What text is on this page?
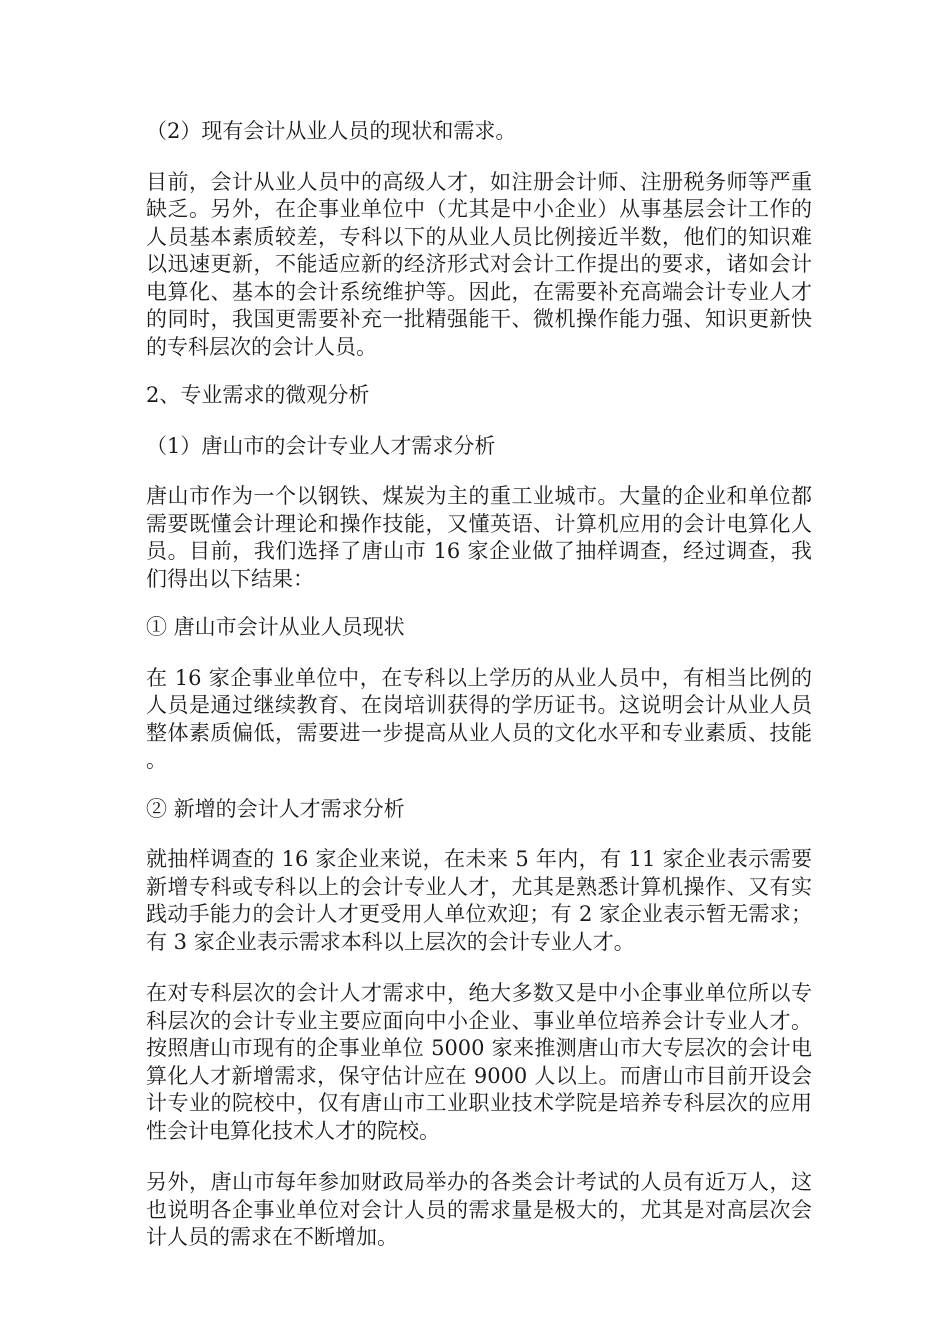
（2）现有会计从业人员的现状和需求。
目前，会计从业人员中的高级人才，如注册会计师、注册税务师等严重缺乏。另外，在企事业单位中（尤其是中小企业）从事基层会计工作的人员基本素质较差，专科以下的从业人员比例接近半数，他们的知识难以迅速更新，不能适应新的经济形式对会计工作提出的要求，诸如会计电算化、基本的会计系统维护等。因此，在需要补充高端会计专业人才的同时，我国更需要补充一批精强能干、微机操作能力强、知识更新快的专科层次的会计人员。
2、专业需求的微观分析
（1）唐山市的会计专业人才需求分析
唐山市作为一个以钢铁、煤炭为主的重工业城市。大量的企业和单位都需要既懂会计理论和操作技能，又懂英语、计算机应用的会计电算化人员。目前，我们选择了唐山市 16 家企业做了抽样调查，经过调查，我们得出以下结果：
① 唐山市会计从业人员现状
在 16 家企事业单位中，在专科以上学历的从业人员中，有相当比例的人员是通过继续教育、在岗培训获得的学历证书。这说明会计从业人员整体素质偏低，需要进一步提高从业人员的文化水平和专业素质、技能。
② 新增的会计人才需求分析
就抽样调查的 16 家企业来说，在未来 5 年内，有 11 家企业表示需要新增专科或专科以上的会计专业人才，尤其是熟悉计算机操作、又有实践动手能力的会计人才更受用人单位欢迎；有 2 家企业表示暂无需求；有 3 家企业表示需求本科以上层次的会计专业人才。
在对专科层次的会计人才需求中，绝大多数又是中小企事业单位所以专科层次的会计专业主要应面向中小企业、事业单位培养会计专业人才。按照唐山市现有的企事业单位 5000 家来推测唐山市大专层次的会计电算化人才新增需求，保守估计应在 9000 人以上。而唐山市目前开设会计专业的院校中，仅有唐山市工业职业技术学院是培养专科层次的应用性会计电算化技术人才的院校。
另外，唐山市每年参加财政局举办的各类会计考试的人员有近万人，这也说明各企事业单位对会计人员的需求量是极大的，尤其是对高层次会计人员的需求在不断增加。
